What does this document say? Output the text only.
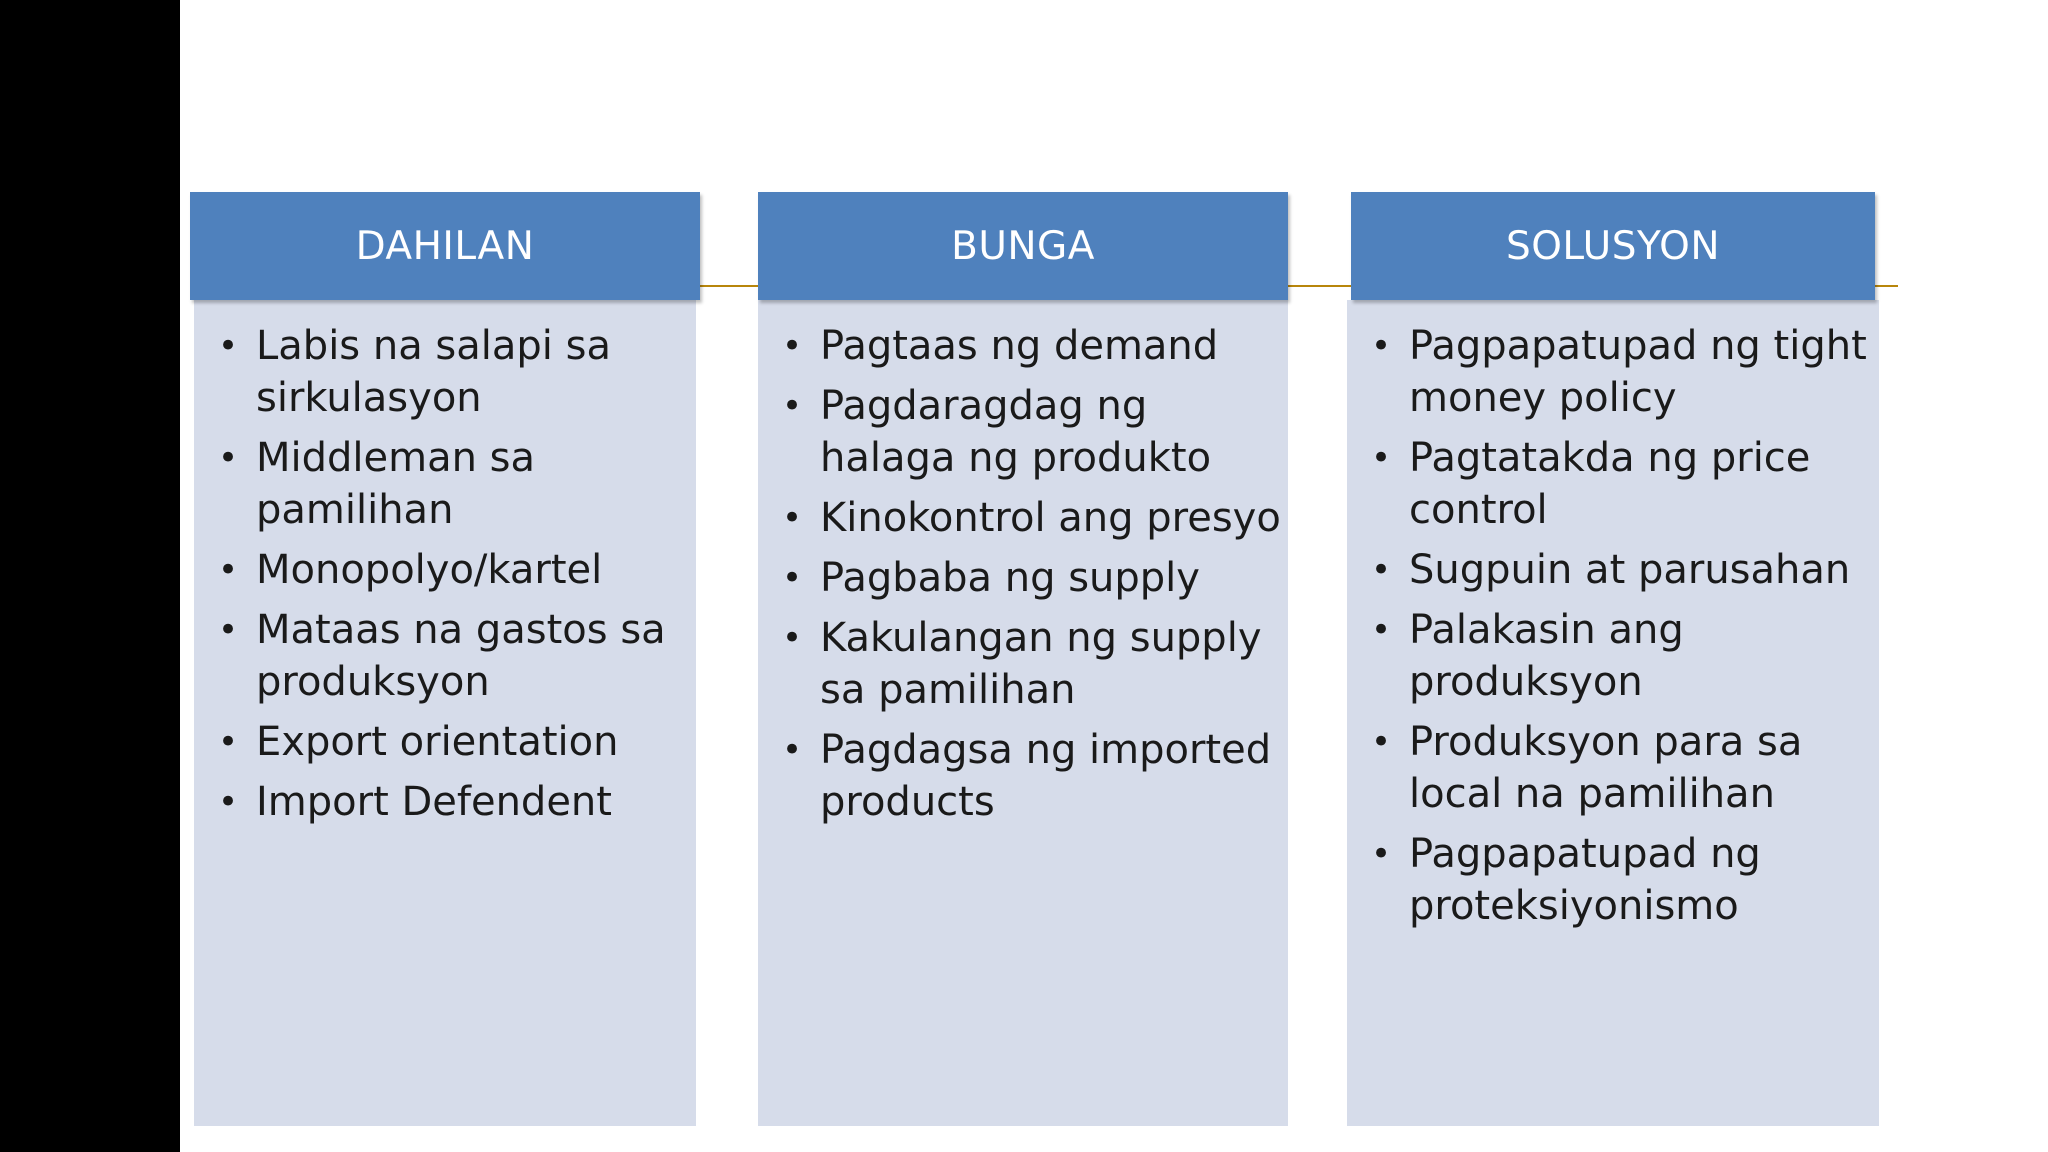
DAHILAN
• Labis na salapi sa sirkulasyon
• Middleman sa pamilihan
• Monopolyo/kartel
• Mataas na gastos sa produksyon
• Export orientation
• Import Defendent
BUNGA
• Pagtaas ng demand
• Pagdaragdag ng halaga ng produkto
• Kinokontrol ang presyo
• Pagbaba ng supply
• Kakulangan ng supply sa pamilihan
• Pagdagsa ng imported products
SOLUSYON
• Pagpapatupad ng tight money policy
• Pagtatakda ng price control
• Sugpuin at parusahan
• Palakasin ang produksyon
• Produksyon para sa local na pamilihan
• Pagpapatupad ng proteksiyonismo
